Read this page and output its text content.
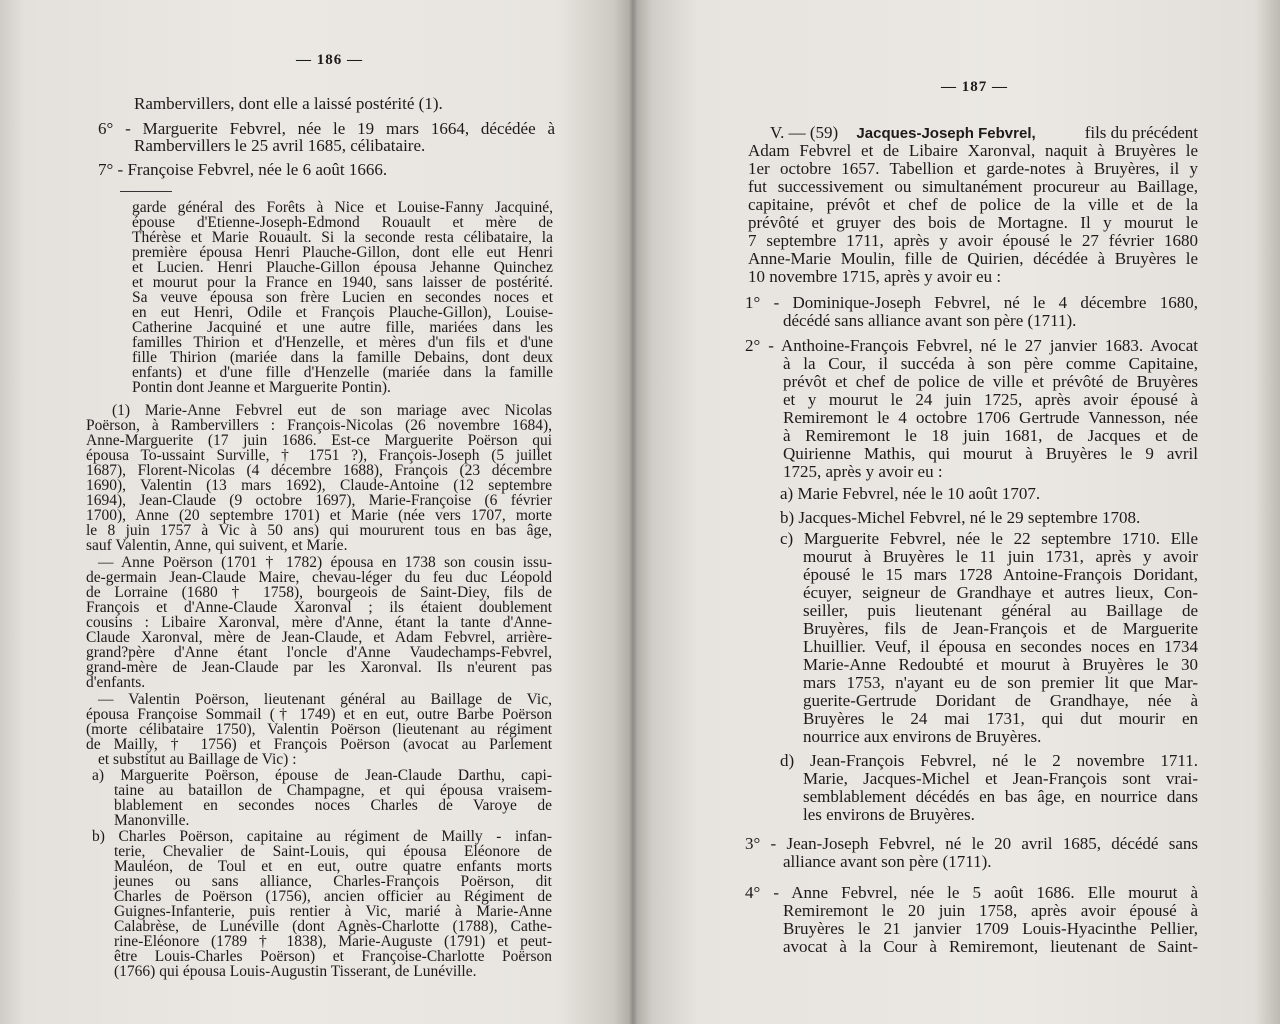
— 186 —
Rambervillers, dont elle a laissé postérité (1).
6° - Marguerite Febvrel, née le 19 mars 1664, décédée à
Rambervillers le 25 avril 1685, célibataire.
7° - Françoise Febvrel, née le 6 août 1666.
garde général des Forêts à Nice et Louise-Fanny Jacquiné,
épouse d'Etienne-Joseph-Edmond Rouault et mère de
Thérèse et Marie Rouault. Si la seconde resta célibataire, la
première épousa Henri Plauche-Gillon, dont elle eut Henri
et Lucien. Henri Plauche-Gillon épousa Jehanne Quinchez
et mourut pour la France en 1940, sans laisser de postérité.
Sa veuve épousa son frère Lucien en secondes noces et
en eut Henri, Odile et François Plauche-Gillon), Louise-
Catherine Jacquiné et une autre fille, mariées dans les
familles Thirion et d'Henzelle, et mères d'un fils et d'une
fille Thirion (mariée dans la famille Debains, dont deux
enfants) et d'une fille d'Henzelle (mariée dans la famille
Pontin dont Jeanne et Marguerite Pontin).
(1) Marie-Anne Febvrel eut de son mariage avec Nicolas
Poërson, à Rambervillers : François-Nicolas (26 novembre 1684),
Anne-Marguerite (17 juin 1686. Est-ce Marguerite Poërson qui
épousa To-ussaint Surville, † 1751 ?), François-Joseph (5 juillet
1687), Florent-Nicolas (4 décembre 1688), François (23 décembre
1690), Valentin (13 mars 1692), Claude-Antoine (12 septembre
1694), Jean-Claude (9 octobre 1697), Marie-Françoise (6 février
1700), Anne (20 septembre 1701) et Marie (née vers 1707, morte
le 8 juin 1757 à Vic à 50 ans) qui moururent tous en bas âge,
sauf Valentin, Anne, qui suivent, et Marie.
— Anne Poërson (1701 † 1782) épousa en 1738 son cousin issu-
de-germain Jean-Claude Maire, chevau-léger du feu duc Léopold
de Lorraine (1680 † 1758), bourgeois de Saint-Diey, fils de
François et d'Anne-Claude Xaronval ; ils étaient doublement
cousins : Libaire Xaronval, mère d'Anne, étant la tante d'Anne-
Claude Xaronval, mère de Jean-Claude, et Adam Febvrel, arrière-
grand?père d'Anne étant l'oncle d'Anne Vaudechamps-Febvrel,
grand-mère de Jean-Claude par les Xaronval. Ils n'eurent pas
d'enfants.
— Valentin Poërson, lieutenant général au Baillage de Vic,
épousa Françoise Sommail († 1749) et en eut, outre Barbe Poërson
(morte célibataire 1750), Valentin Poërson (lieutenant au régiment
de Mailly, † 1756) et François Poërson (avocat au Parlement
et substitut au Baillage de Vic) :
a) Marguerite Poërson, épouse de Jean-Claude Darthu, capi-
taine au bataillon de Champagne, et qui épousa vraisem-
blablement en secondes noces Charles de Varoye de
Manonville.
b) Charles Poërson, capitaine au régiment de Mailly - infan-
terie, Chevalier de Saint-Louis, qui épousa Eléonore de
Mauléon, de Toul et en eut, outre quatre enfants morts
jeunes ou sans alliance, Charles-François Poërson, dit
Charles de Poërson (1756), ancien officier au Régiment de
Guignes-Infanterie, puis rentier à Vic, marié à Marie-Anne
Calabrèse, de Lunéville (dont Agnès-Charlotte (1788), Cathe-
rine-Eléonore (1789 † 1838), Marie-Auguste (1791) et peut-
être Louis-Charles Poërson) et Françoise-Charlotte Poërson
(1766) qui épousa Louis-Augustin Tisserant, de Lunéville.
— 187 —
V. — (59) Jacques-Joseph Febvrel,	fils du précédent
Adam Febvrel et de Libaire Xaronval, naquit à Bruyères le
1er octobre 1657. Tabellion et garde-notes à Bruyères, il y
fut successivement ou simultanément procureur au Baillage,
capitaine, prévôt et chef de police de la ville et de la
prévôté et gruyer des bois de Mortagne. Il y mourut le
7 septembre 1711, après y avoir épousé le 27 février 1680
Anne-Marie Moulin, fille de Quirien, décédée à Bruyères le
10 novembre 1715, après y avoir eu :
1° - Dominique-Joseph Febvrel, né le 4 décembre 1680,
décédé sans alliance avant son père (1711).
2° - Anthoine-François Febvrel, né le 27 janvier 1683. Avocat
à la Cour, il succéda à son père comme Capitaine,
prévôt et chef de police de ville et prévôté de Bruyères
et y mourut le 24 juin 1725, après avoir épousé à
Remiremont le 4 octobre 1706 Gertrude Vannesson, née
à Remiremont le 18 juin 1681, de Jacques et de
Quirienne Mathis, qui mourut à Bruyères le 9 avril
1725, après y avoir eu :
a) Marie Febvrel, née le 10 août 1707.
b) Jacques-Michel Febvrel, né le 29 septembre 1708.
c) Marguerite Febvrel, née le 22 septembre 1710. Elle
mourut à Bruyères le 11 juin 1731, après y avoir
épousé le 15 mars 1728 Antoine-François Doridant,
écuyer, seigneur de Grandhaye et autres lieux, Con-
seiller, puis lieutenant général au Baillage de
Bruyères, fils de Jean-François et de Marguerite
Lhuillier. Veuf, il épousa en secondes noces en 1734
Marie-Anne Redoubté et mourut à Bruyères le 30
mars 1753, n'ayant eu de son premier lit que Mar-
guerite-Gertrude Doridant de Grandhaye, née à
Bruyères le 24 mai 1731, qui dut mourir en
nourrice aux environs de Bruyères.
d) Jean-François Febvrel, né le 2 novembre 1711.
Marie, Jacques-Michel et Jean-François sont vrai-
semblablement décédés en bas âge, en nourrice dans
les environs de Bruyères.
3° - Jean-Joseph Febvrel, né le 20 avril 1685, décédé sans
alliance avant son père (1711).
4° - Anne Febvrel, née le 5 août 1686. Elle mourut à
Remiremont le 20 juin 1758, après avoir épousé à
Bruyères le 21 janvier 1709 Louis-Hyacinthe Pellier,
avocat à la Cour à Remiremont, lieutenant de Saint-
